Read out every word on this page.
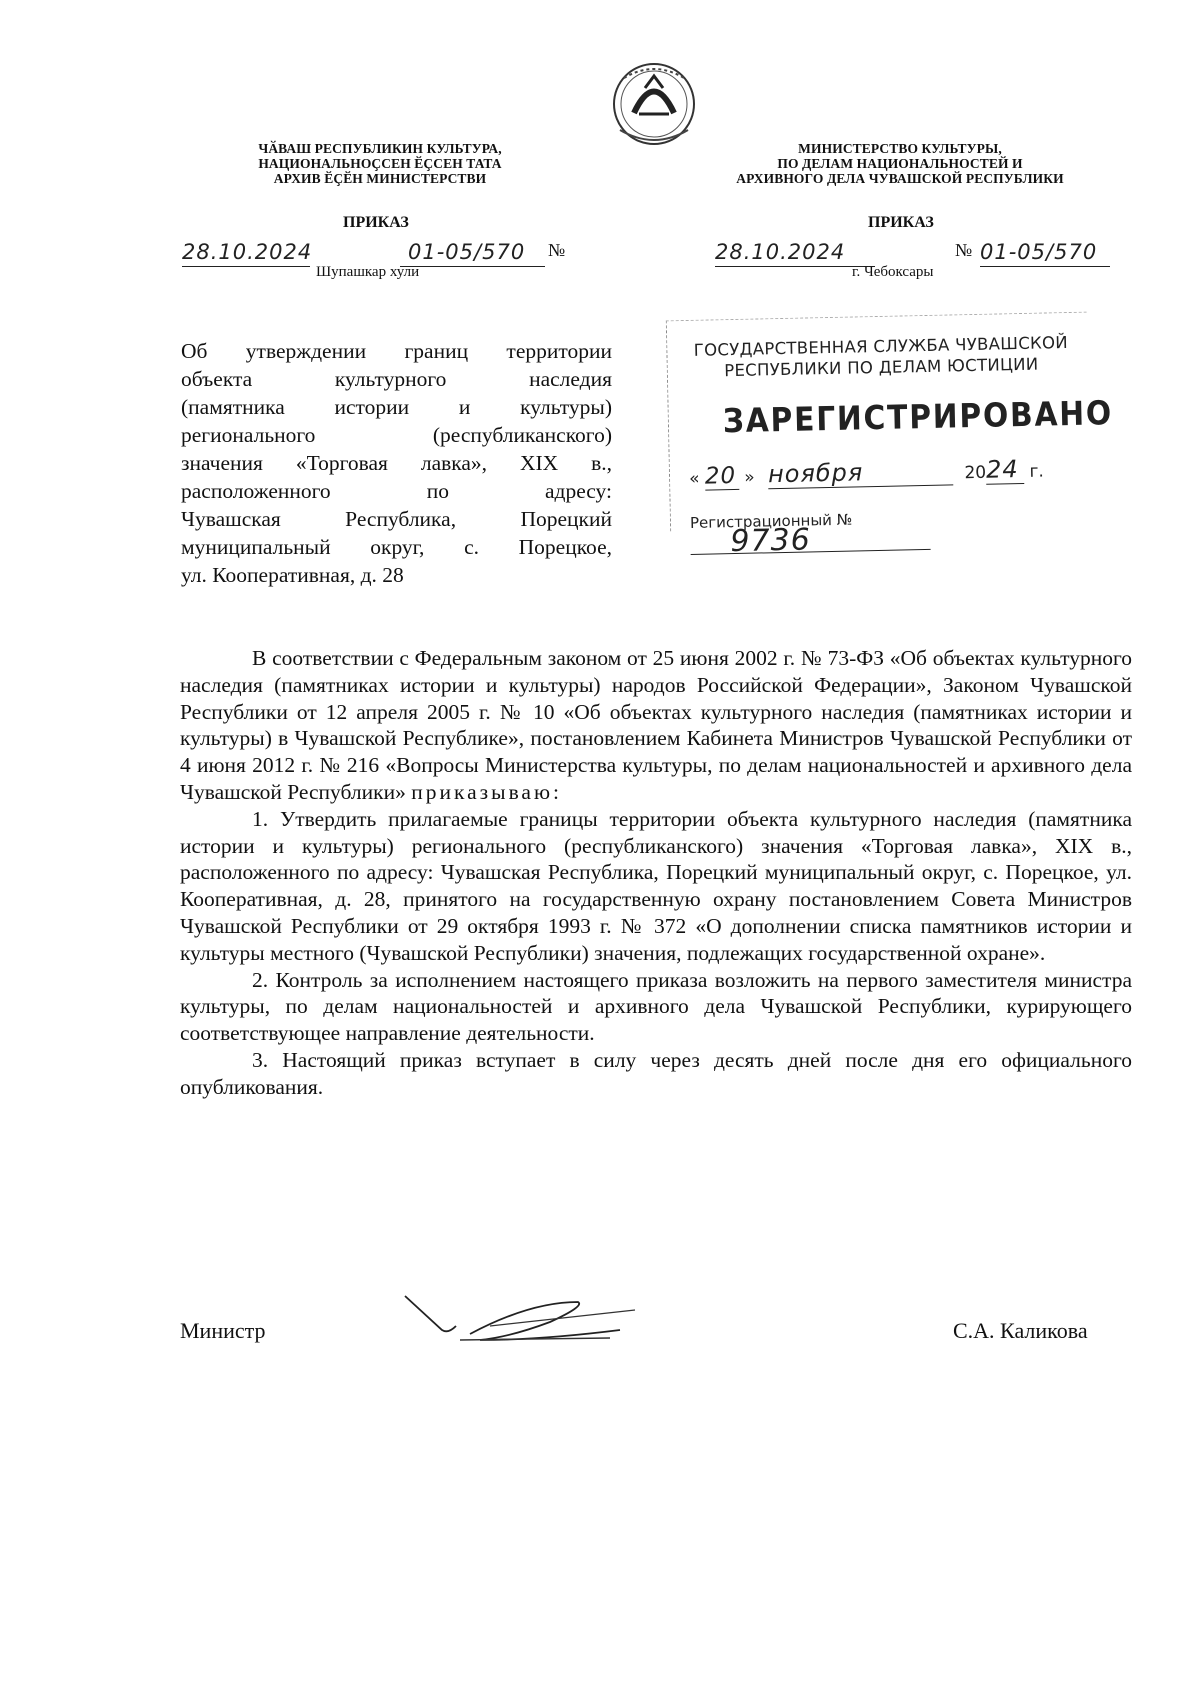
ЧӐВАШ РЕСПУБЛИКИН КУЛЬТУРА,
НАЦИОНАЛЬНОҪСЕН ӖҪСЕН ТАТА
АРХИВ ӖҪӖН МИНИСТЕРСТВИ
МИНИСТЕРСТВО КУЛЬТУРЫ,
ПО ДЕЛАМ НАЦИОНАЛЬНОСТЕЙ И
АРХИВНОГО ДЕЛА ЧУВАШСКОЙ РЕСПУБЛИКИ
ПРИКАЗ	ПРИКАЗ
28.10.2024	01-05/570	№
Шупашкар хули
28.10.2024	№ 01-05/570
г. Чебоксары
Об утверждении границ территории
объекта культурного наследия
(памятника истории и культуры)
регионального (республиканского)
значения «Торговая лавка», XIX в.,
расположенного по адресу:
Чувашская Республика, Порецкий
муниципальный округ, с. Порецкое,
ул. Кооперативная, д. 28
ГОСУДАРСТВЕННАЯ СЛУЖБА ЧУВАШСКОЙ
РЕСПУБЛИКИ ПО ДЕЛАМ ЮСТИЦИИ
ЗАРЕГИСТРИРОВАНО
« 20 » ноября	2024 г.
Регистрационный № 9736

В соответствии с Федеральным законом от 25 июня 2002 г. № 73-ФЗ «Об объектах культурного наследия (памятниках истории и культуры) народов Российской Федерации», Законом Чувашской Республики от 12 апреля 2005 г. № 10 «Об объектах культурного наследия (памятниках истории и культуры) в Чувашской Республике», постановлением Кабинета Министров Чувашской Республики от 4 июня 2012 г. № 216 «Вопросы Министерства культуры, по делам национальностей и архивного дела Чувашской Республики» приказываю:

1. Утвердить прилагаемые границы территории объекта культурного наследия (памятника истории и культуры) регионального (республиканского) значения «Торговая лавка», XIX в., расположенного по адресу: Чувашская Республика, Порецкий муниципальный округ, с. Порецкое, ул. Кооперативная, д. 28, принятого на государственную охрану постановлением Совета Министров Чувашской Республики от 29 октября 1993 г. № 372 «О дополнении списка памятников истории и культуры местного (Чувашской Республики) значения, подлежащих государственной охране».

2. Контроль за исполнением настоящего приказа возложить на первого заместителя министра культуры, по делам национальностей и архивного дела Чувашской Республики, курирующего соответствующее направление деятельности.

3. Настоящий приказ вступает в силу через десять дней после дня его официального опубликования.

Министр	С.А. Каликова
